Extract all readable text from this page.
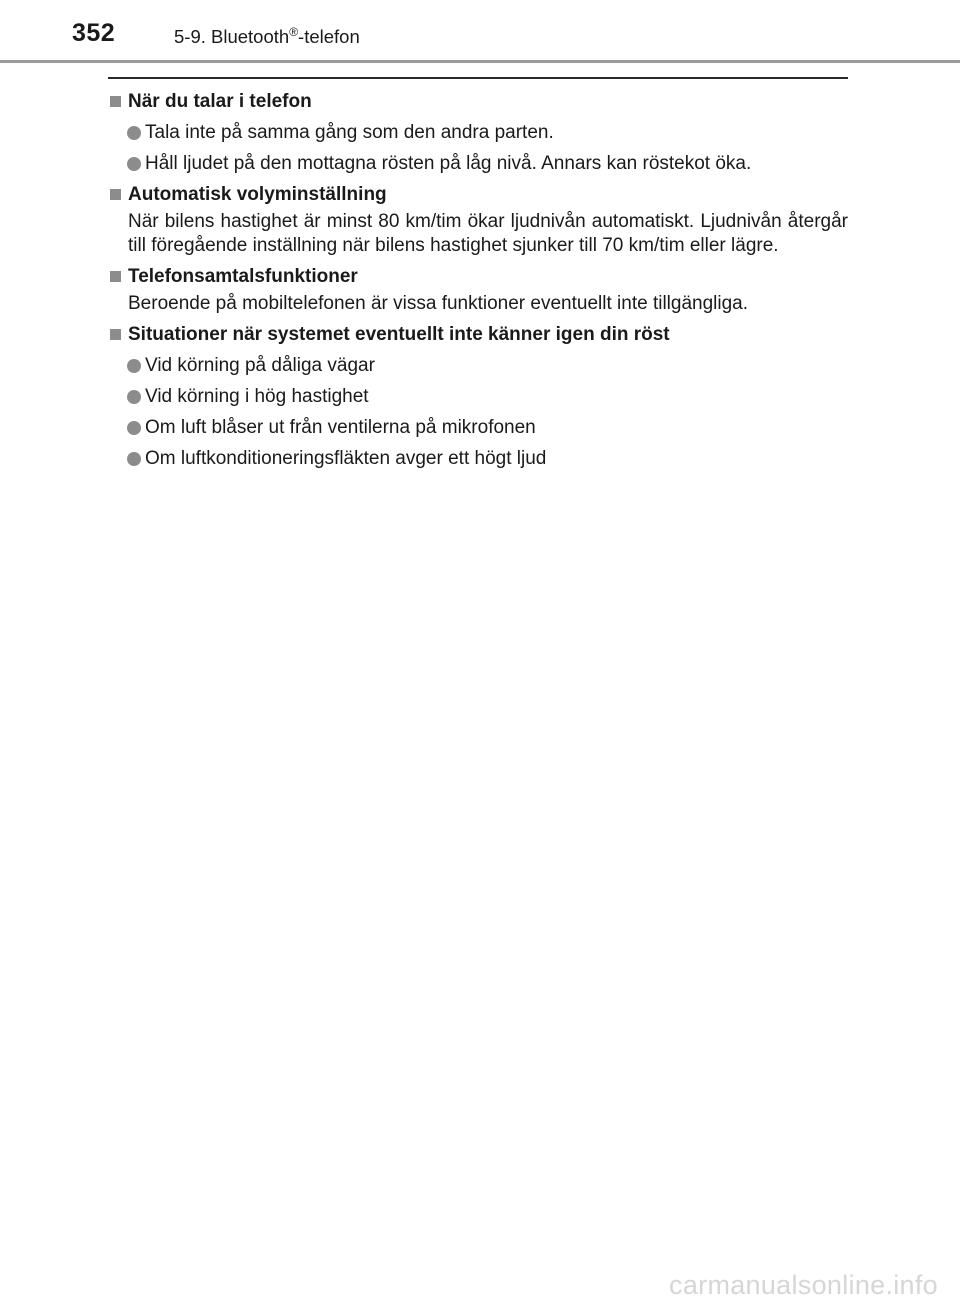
352	5-9. Bluetooth®-telefon
När du talar i telefon
Tala inte på samma gång som den andra parten.
Håll ljudet på den mottagna rösten på låg nivå. Annars kan röstekot öka.
Automatisk volyminställning
När bilens hastighet är minst 80 km/tim ökar ljudnivån automatiskt. Ljudnivån återgår till föregående inställning när bilens hastighet sjunker till 70 km/tim eller lägre.
Telefonsamtalsfunktioner
Beroende på mobiltelefonen är vissa funktioner eventuellt inte tillgängliga.
Situationer när systemet eventuellt inte känner igen din röst
Vid körning på dåliga vägar
Vid körning i hög hastighet
Om luft blåser ut från ventilerna på mikrofonen
Om luftkonditioneringsfläkten avger ett högt ljud
carmanualsonline.info
